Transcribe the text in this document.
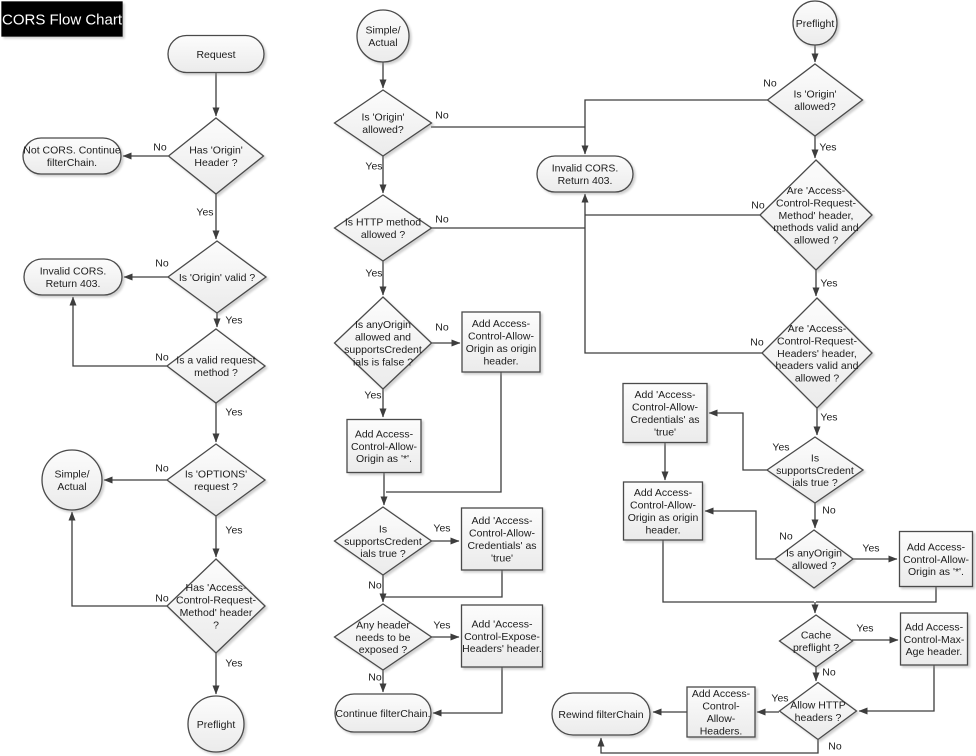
CORS Flow Chart
Request
Not CORS. Continue filterChain.
Has 'Origin' Header ?
Invalid CORS. Return 403.
Is 'Origin' valid ?
Is a valid request method ?
Simple/ Actual
Is 'OPTIONS' request ?
Has 'Access-Control-Request-Method' header ?
Preflight
Simple/ Actual
Is 'Origin' allowed?
Invalid CORS. Return 403.
Is HTTP method allowed ?
Is anyOrigin allowed and supportsCredent ials is false ?
Add Access-Control-Allow-Origin as origin header.
Add Access-Control-Allow-Origin as '*'.
Is supportsCredent ials true ?
Add 'Access-Control-Allow-Credentials' as 'true'
Any header needs to be exposed ?
Add 'Access-Control-Expose-Headers' header.
Continue filterChain.
Preflight
Is 'Origin' allowed?
Are 'Access-Control-Request-Method' header, methods valid and allowed ?
Are 'Access-Control-Request-Headers' header, headers valid and allowed ?
Is supportsCredent ials true ?
Add 'Access-Control-Allow-Credentials' as 'true'
Add Access-Control-Allow-Origin as origin header.
Is anyOrigin allowed ?
Add Access-Control-Allow-Origin as '*'.
Cache preflight ?
Add Access-Control-Max-Age header.
Allow HTTP headers ?
Add Access-Control-Allow-Headers.
Rewind filterChain
No
Yes
No
Yes
No
Yes
No
Yes
No
Yes
No
Yes
No
Yes
No
Yes
Yes
No
Yes
No
No
Yes
No
Yes
No
Yes
Yes
No
No
Yes
Yes
No
Yes
No
